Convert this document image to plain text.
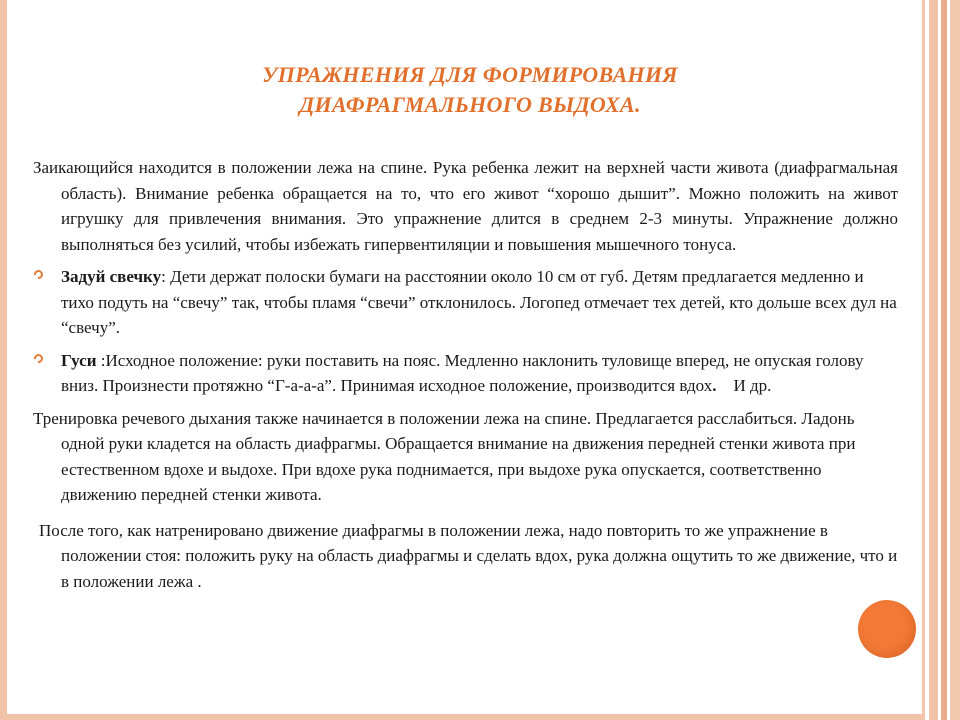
УПРАЖНЕНИЯ ДЛЯ ФОРМИРОВАНИЯ
ДИАФРАГМАЛЬНОГО ВЫДОХА.

Заикающийся находится в положении лежа на спине. Рука ребенка лежит на верхней части живота (диафрагмальная область). Внимание ребенка обращается на то, что его живот “хорошо дышит”. Можно положить на живот игрушку для привлечения внимания. Это упражнение длится в среднем 2-3 минуты. Упражнение должно выполняться без усилий, чтобы избежать гипервентиляции и повышения мышечного тонуса.

Задуй свечку: Дети держат полоски бумаги на расстоянии около 10 см от губ. Детям предлагается медленно и тихо подуть на “свечу” так, чтобы пламя “свечи” отклонилось. Логопед отмечает тех детей, кто дольше всех дул на “свечу”.
Гуси :Исходное положение: руки поставить на пояс. Медленно наклонить туловище вперед, не опуская голову вниз. Произнести протяжно “Г-а-а-а”. Принимая исходное положение, производится вдох.    И др.

Тренировка речевого дыхания также начинается в положении лежа на спине. Предлагается расслабиться. Ладонь одной руки кладется на область диафрагмы. Обращается внимание на движения передней стенки живота при естественном вдохе и выдохе. При вдохе рука поднимается, при выдохе рука опускается, соответственно движению передней стенки живота.

После того, как натренировано движение диафрагмы в положении лежа, надо повторить то же упражнение в положении стоя: положить руку на область диафрагмы и сделать вдох, рука должна ощутить то же движение, что и в положении лежа .
